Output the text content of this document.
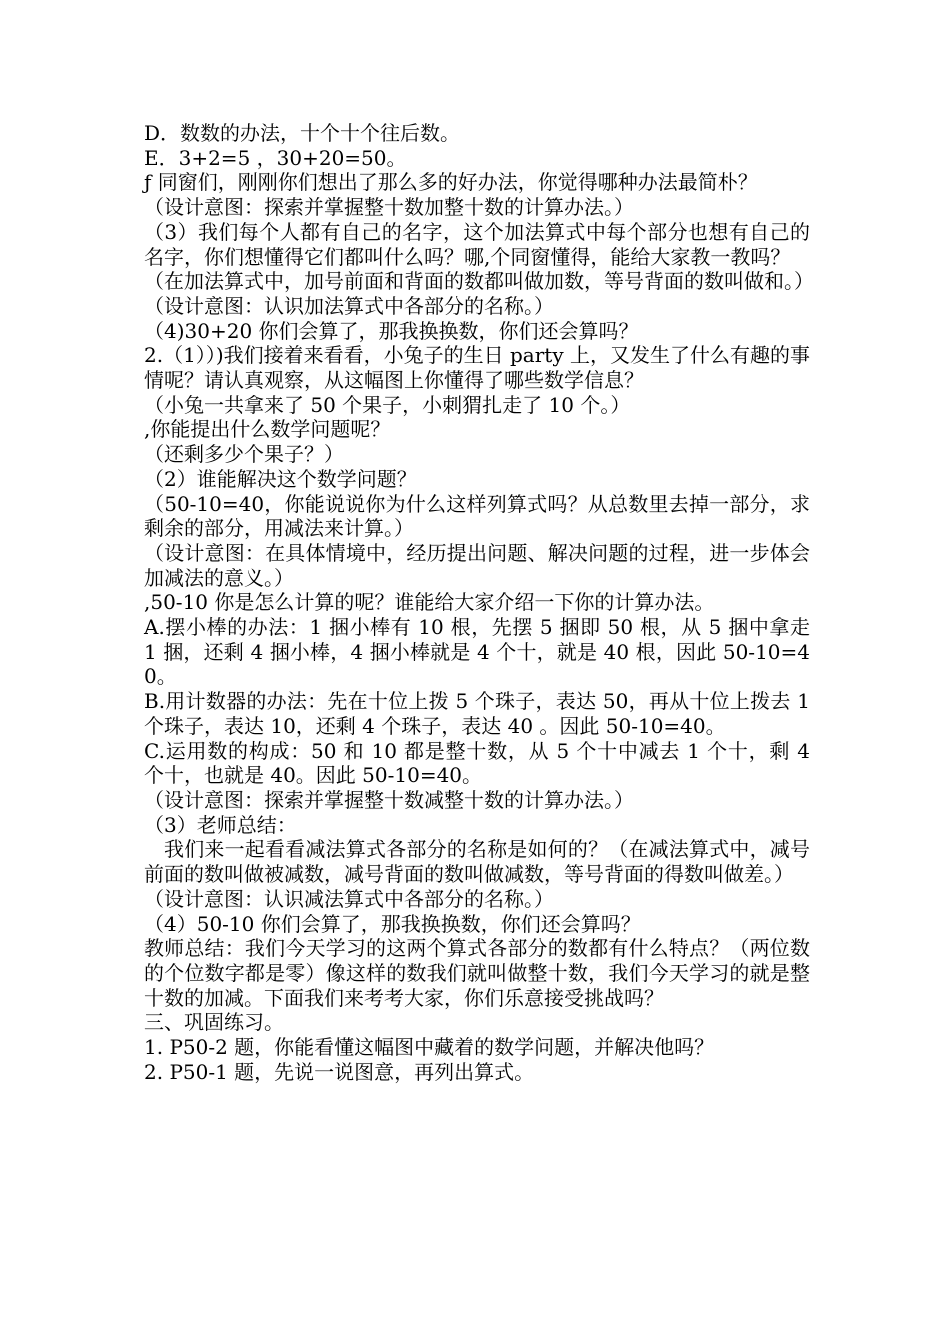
D．数数的办法，十个十个往后数。

E．3+2=5 ，30+20=50。

ƒ 同窗们，刚刚你们想出了那么多的好办法，你觉得哪种办法最简朴？

（设计意图：探索并掌握整十数加整十数的计算办法。）

（3）我们每个人都有自己的名字，这个加法算式中每个部分也想有自己的名字，你们想懂得它们都叫什么吗？哪,个同窗懂得，能给大家教一教吗？

（在加法算式中，加号前面和背面的数都叫做加数，等号背面的数叫做和。）

（设计意图：认识加法算式中各部分的名称。）

（4)30+20 你们会算了，那我换换数，你们还会算吗？

2.（1））)我们接着来看看，小兔子的生日 party 上，又发生了什么有趣的事情呢？请认真观察，从这幅图上你懂得了哪些数学信息？

（小兔一共拿来了 50 个果子，小刺猬扎走了 10 个。）

,你能提出什么数学问题呢？

（还剩多少个果子？）

（2）谁能解决这个数学问题？

（50-10=40，你能说说你为什么这样列算式吗？从总数里去掉一部分，求剩余的部分，用减法来计算。）

（设计意图：在具体情境中，经历提出问题、解决问题的过程，进一步体会加减法的意义。）

,50-10 你是怎么计算的呢？谁能给大家介绍一下你的计算办法。

A.摆小棒的办法：1 捆小棒有 10 根，先摆 5 捆即 50 根，从 5 捆中拿走 1 捆，还剩 4 捆小棒，4 捆小棒就是 4 个十，就是 40 根，因此 50-10=40。

B.用计数器的办法：先在十位上拨 5 个珠子，表达 50，再从十位上拨去 1 个珠子，表达 10，还剩 4 个珠子，表达 40 。因此 50-10=40。

C.运用数的构成：50 和 10 都是整十数，从 5 个十中减去 1 个十，剩 4 个十，也就是 40。因此 50-10=40。

（设计意图：探索并掌握整十数减整十数的计算办法。）

（3）老师总结：

我们来一起看看减法算式各部分的名称是如何的？（在减法算式中，减号前面的数叫做被减数，减号背面的数叫做减数，等号背面的得数叫做差。）

（设计意图：认识减法算式中各部分的名称。）

（4）50-10 你们会算了，那我换换数，你们还会算吗？

教师总结：我们今天学习的这两个算式各部分的数都有什么特点？（两位数的个位数字都是零）像这样的数我们就叫做整十数，我们今天学习的就是整十数的加减。下面我们来考考大家，你们乐意接受挑战吗？

三、巩固练习。

1. P50-2 题，你能看懂这幅图中藏着的数学问题，并解决他吗？

2. P50-1 题，先说一说图意，再列出算式。
